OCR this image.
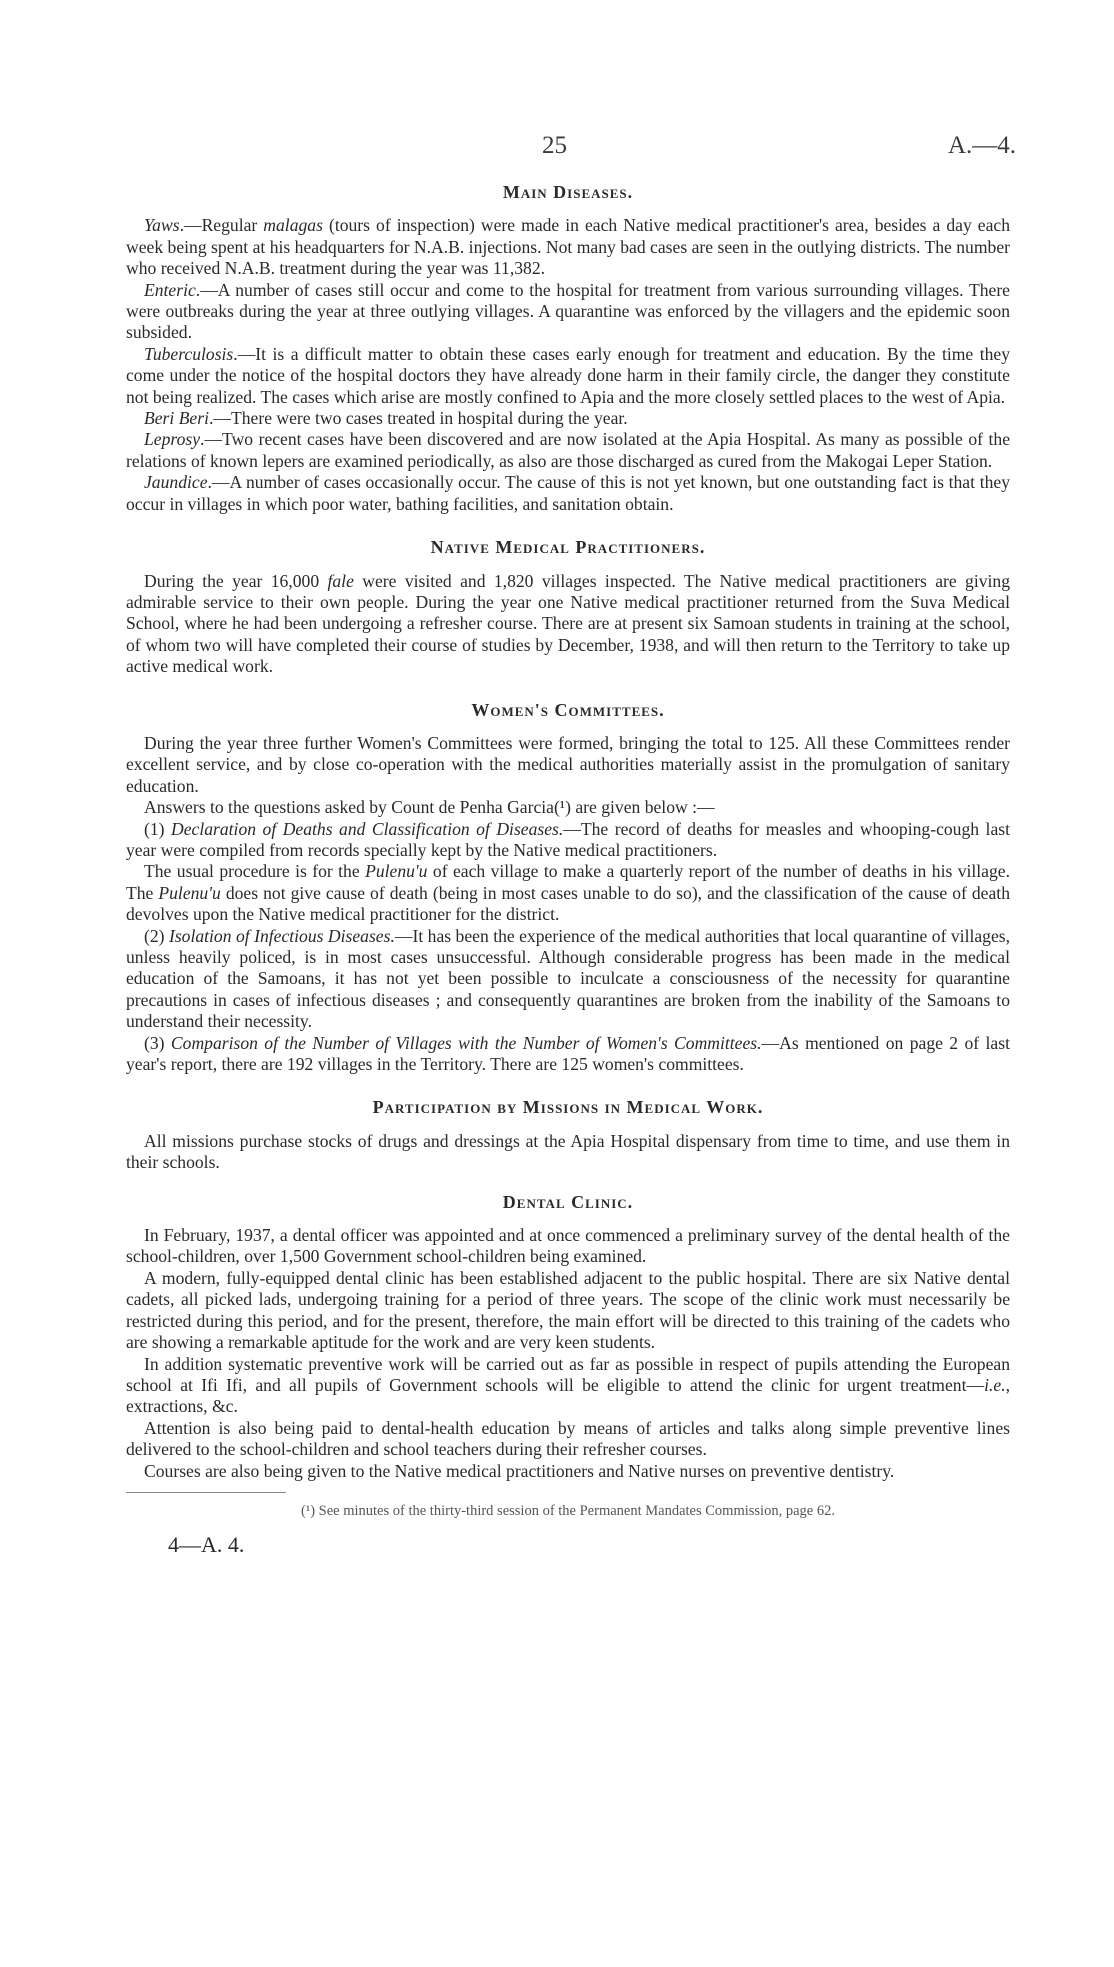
25	A.—4.
Main Diseases.

Yaws.—Regular malagas (tours of inspection) were made in each Native medical practitioner's area, besides a day each week being spent at his headquarters for N.A.B. injections. Not many bad cases are seen in the outlying districts. The number who received N.A.B. treatment during the year was 11,382.

Enteric.—A number of cases still occur and come to the hospital for treatment from various surrounding villages. There were outbreaks during the year at three outlying villages. A quarantine was enforced by the villagers and the epidemic soon subsided.

Tuberculosis.—It is a difficult matter to obtain these cases early enough for treatment and education. By the time they come under the notice of the hospital doctors they have already done harm in their family circle, the danger they constitute not being realized. The cases which arise are mostly confined to Apia and the more closely settled places to the west of Apia.

Beri Beri.—There were two cases treated in hospital during the year.

Leprosy.—Two recent cases have been discovered and are now isolated at the Apia Hospital. As many as possible of the relations of known lepers are examined periodically, as also are those discharged as cured from the Makogai Leper Station.

Jaundice.—A number of cases occasionally occur. The cause of this is not yet known, but one outstanding fact is that they occur in villages in which poor water, bathing facilities, and sanitation obtain.

Native Medical Practitioners.

During the year 16,000 fale were visited and 1,820 villages inspected. The Native medical practitioners are giving admirable service to their own people. During the year one Native medical practitioner returned from the Suva Medical School, where he had been undergoing a refresher course. There are at present six Samoan students in training at the school, of whom two will have completed their course of studies by December, 1938, and will then return to the Territory to take up active medical work.

Women's Committees.

During the year three further Women's Committees were formed, bringing the total to 125. All these Committees render excellent service, and by close co-operation with the medical authorities materially assist in the promulgation of sanitary education.

Answers to the questions asked by Count de Penha Garcia(¹) are given below :—

(1) Declaration of Deaths and Classification of Diseases.—The record of deaths for measles and whooping-cough last year were compiled from records specially kept by the Native medical practitioners.

The usual procedure is for the Pulenu'u of each village to make a quarterly report of the number of deaths in his village. The Pulenu'u does not give cause of death (being in most cases unable to do so), and the classification of the cause of death devolves upon the Native medical practitioner for the district.

(2) Isolation of Infectious Diseases.—It has been the experience of the medical authorities that local quarantine of villages, unless heavily policed, is in most cases unsuccessful. Although considerable progress has been made in the medical education of the Samoans, it has not yet been possible to inculcate a consciousness of the necessity for quarantine precautions in cases of infectious diseases ; and consequently quarantines are broken from the inability of the Samoans to understand their necessity.

(3) Comparison of the Number of Villages with the Number of Women's Committees.—As mentioned on page 2 of last year's report, there are 192 villages in the Territory. There are 125 women's committees.

Participation by Missions in Medical Work.

All missions purchase stocks of drugs and dressings at the Apia Hospital dispensary from time to time, and use them in their schools.

Dental Clinic.

In February, 1937, a dental officer was appointed and at once commenced a preliminary survey of the dental health of the school-children, over 1,500 Government school-children being examined.

A modern, fully-equipped dental clinic has been established adjacent to the public hospital. There are six Native dental cadets, all picked lads, undergoing training for a period of three years. The scope of the clinic work must necessarily be restricted during this period, and for the present, therefore, the main effort will be directed to this training of the cadets who are showing a remarkable aptitude for the work and are very keen students.

In addition systematic preventive work will be carried out as far as possible in respect of pupils attending the European school at Ifi Ifi, and all pupils of Government schools will be eligible to attend the clinic for urgent treatment—i.e., extractions, &c.

Attention is also being paid to dental-health education by means of articles and talks along simple preventive lines delivered to the school-children and school teachers during their refresher courses.

Courses are also being given to the Native medical practitioners and Native nurses on preventive dentistry.

(¹) See minutes of the thirty-third session of the Permanent Mandates Commission, page 62.

4—A. 4.
